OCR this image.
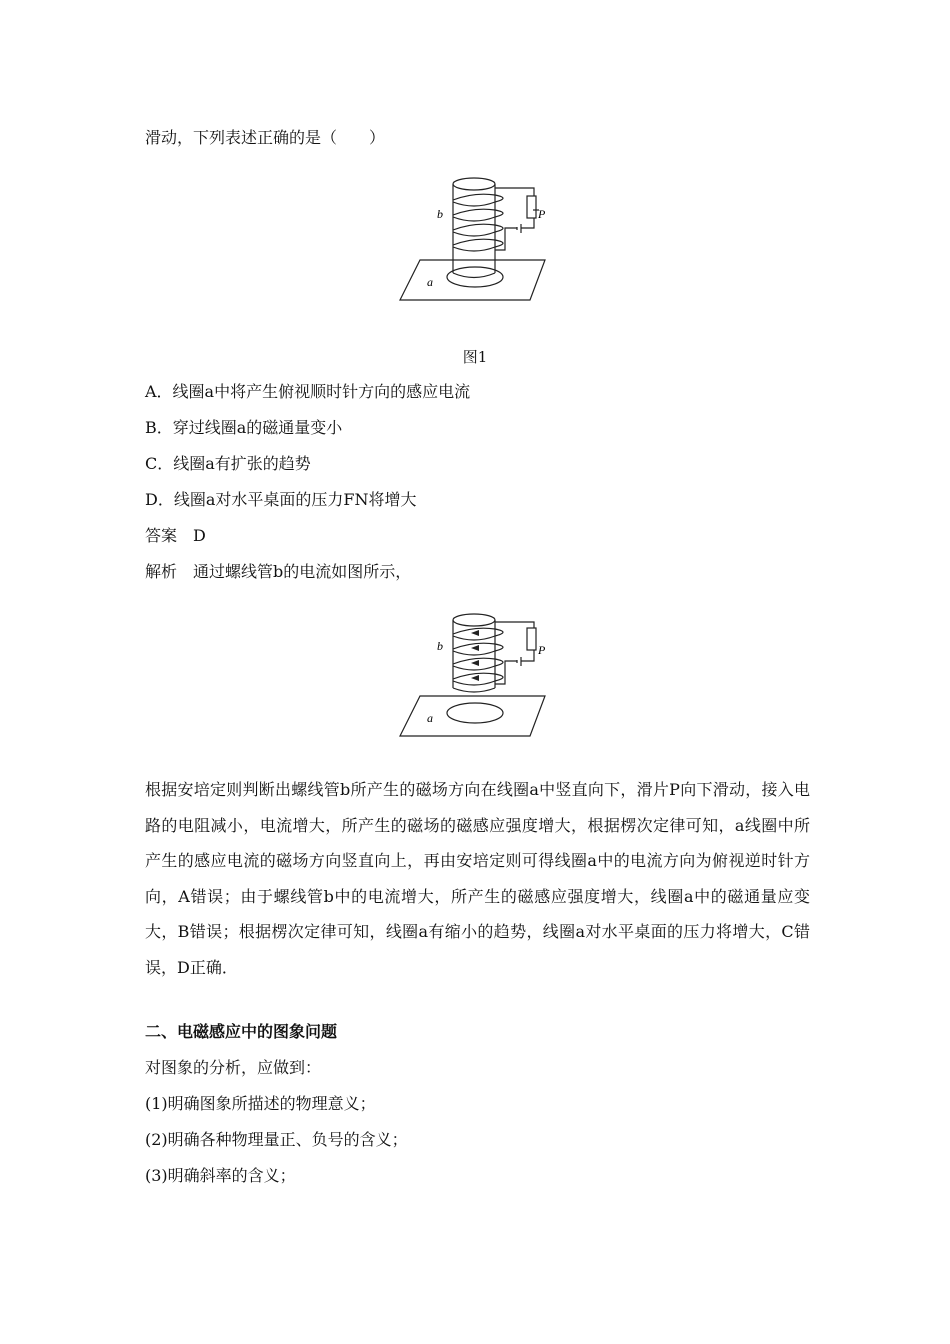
滑动，下列表述正确的是（　　）
b	P
a
图1
A．线圈a中将产生俯视顺时针方向的感应电流
B．穿过线圈a的磁通量变小
C．线圈a有扩张的趋势
D．线圈a对水平桌面的压力FN将增大
答案　D
解析　通过螺线管b的电流如图所示，
b	P
a
根据安培定则判断出螺线管b所产生的磁场方向在线圈a中竖直向下，滑片P向下滑动，接入电路的电阻减小，电流增大，所产生的磁场的磁感应强度增大，根据楞次定律可知，a线圈中所产生的感应电流的磁场方向竖直向上，再由安培定则可得线圈a中的电流方向为俯视逆时针方向，A错误；由于螺线管b中的电流增大，所产生的磁感应强度增大，线圈a中的磁通量应变大，B错误；根据楞次定律可知，线圈a有缩小的趋势，线圈a对水平桌面的压力将增大，C错误，D正确．
二、电磁感应中的图象问题
对图象的分析，应做到：
(1)明确图象所描述的物理意义；
(2)明确各种物理量正、负号的含义；
(3)明确斜率的含义；
